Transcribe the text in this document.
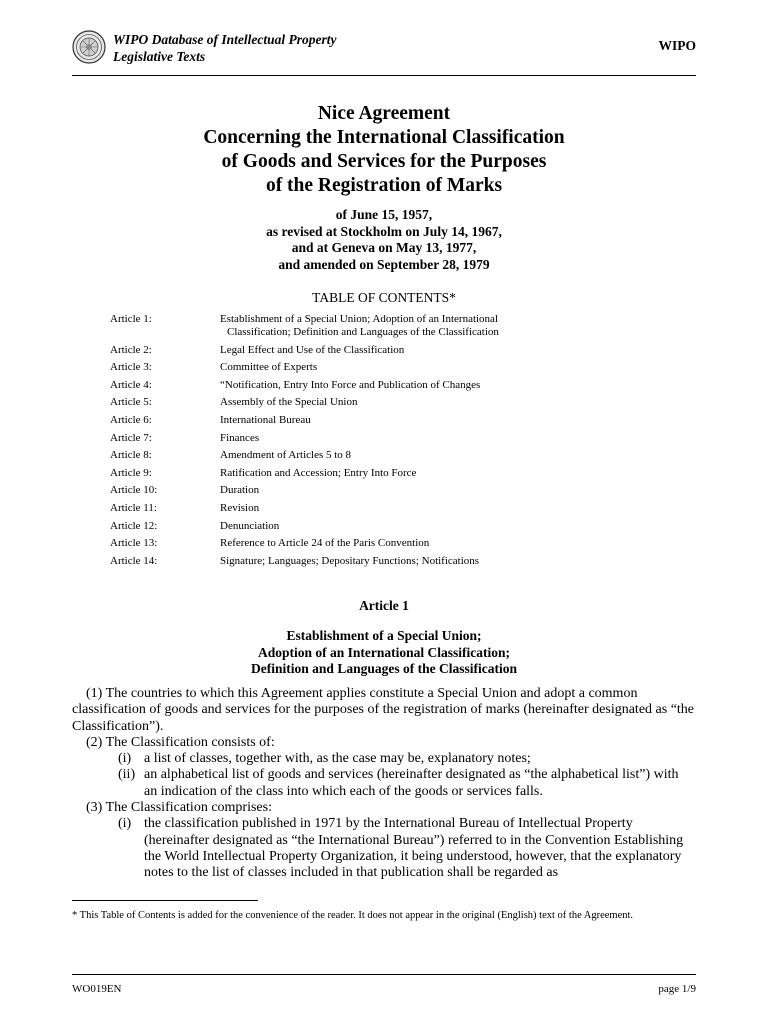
WIPO Database of Intellectual Property
Legislative Texts
WIPO
Nice Agreement
Concerning the International Classification
of Goods and Services for the Purposes
of the Registration of Marks
of June 15, 1957,
as revised at Stockholm on July 14, 1967,
and at Geneva on May 13, 1977,
and amended on September 28, 1979
TABLE OF CONTENTS*
Article 1:	Establishment of a Special Union; Adoption of an International
Classification; Definition and Languages of the Classification
Article 2:	Legal Effect and Use of the Classification
Article 3:	Committee of Experts
Article 4:	“Notification, Entry Into Force and Publication of Changes
Article 5:	Assembly of the Special Union
Article 6:	International Bureau
Article 7:	Finances
Article 8:	Amendment of Articles 5 to 8
Article 9:	Ratification and Accession; Entry Into Force
Article 10:	Duration
Article 11:	Revision
Article 12:	Denunciation
Article 13:	Reference to Article 24 of the Paris Convention
Article 14:	Signature; Languages; Depositary Functions; Notifications
Article 1
Establishment of a Special Union;
Adoption of an International Classification;
Definition and Languages of the Classification

(1) The countries to which this Agreement applies constitute a Special Union and adopt a common classification of goods and services for the purposes of the registration of marks (hereinafter designated as “the Classification”).

(2) The Classification consists of:

(i) a list of classes, together with, as the case may be, explanatory notes;

(ii) an alphabetical list of goods and services (hereinafter designated as “the alphabetical list”) with an indication of the class into which each of the goods or services falls.

(3) The Classification comprises:

(i) the classification published in 1971 by the International Bureau of Intellectual Property (hereinafter designated as “the International Bureau”) referred to in the Convention Establishing the World Intellectual Property Organization, it being understood, however, that the explanatory notes to the list of classes included in that publication shall be regarded as

* This Table of Contents is added for the convenience of the reader. It does not appear in the original (English) text of the Agreement.
WO019EN	page 1/9
